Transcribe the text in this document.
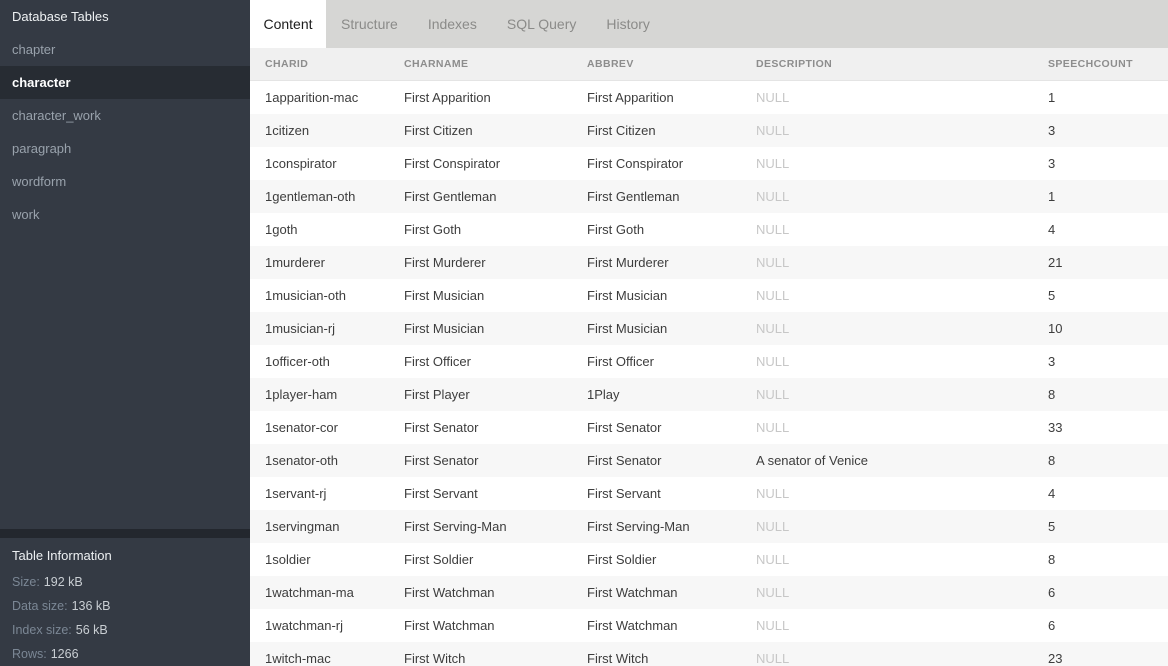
Database Tables
chapter
character
character_work
paragraph
wordform
work
Table Information
Size: 192 kB
Data size: 136 kB
Index size: 56 kB
Rows: 1266
Content Structure Indexes SQL Query History
CHARID	CHARNAME	ABBREV	DESCRIPTION	SPEECHCOUNT
1apparition-mac	First Apparition	First Apparition	NULL	1
1citizen	First Citizen	First Citizen	NULL	3
1conspirator	First Conspirator	First Conspirator	NULL	3
1gentleman-oth	First Gentleman	First Gentleman	NULL	1
1goth	First Goth	First Goth	NULL	4
1murderer	First Murderer	First Murderer	NULL	21
1musician-oth	First Musician	First Musician	NULL	5
1musician-rj	First Musician	First Musician	NULL	10
1officer-oth	First Officer	First Officer	NULL	3
1player-ham	First Player	1Play	NULL	8
1senator-cor	First Senator	First Senator	NULL	33
1senator-oth	First Senator	First Senator	A senator of Venice	8
1servant-rj	First Servant	First Servant	NULL	4
1servingman	First Serving-Man	First Serving-Man	NULL	5
1soldier	First Soldier	First Soldier	NULL	8
1watchman-ma	First Watchman	First Watchman	NULL	6
1watchman-rj	First Watchman	First Watchman	NULL	6
1witch-mac	First Witch	First Witch	NULL	23
